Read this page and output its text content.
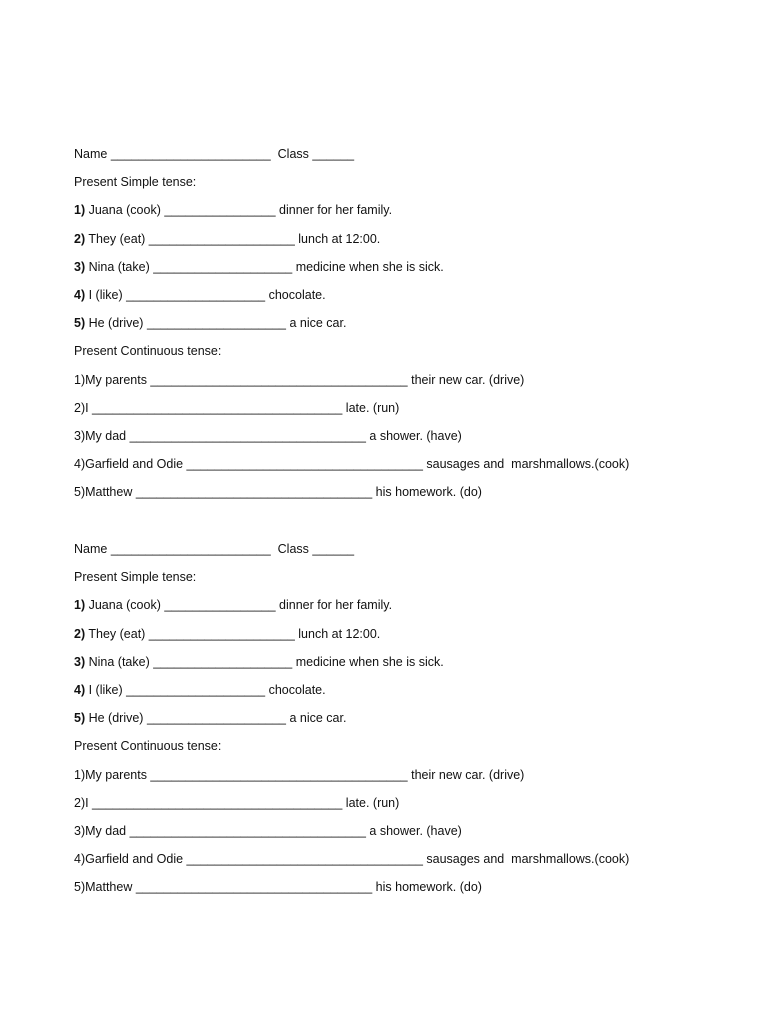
Name _______________________  Class ______
Present Simple tense:
1) Juana (cook) ________________ dinner for her family.
2) They (eat) _____________________ lunch at 12:00.
3) Nina (take) ____________________ medicine when she is sick.
4) I (like) ____________________ chocolate.
5) He (drive) ____________________ a nice car.
Present Continuous tense:
1)My parents _____________________________________ their new car. (drive)
2)I ____________________________________ late. (run)
3)My dad __________________________________ a shower. (have)
4)Garfield and Odie __________________________________ sausages and  marshmallows.(cook)
5)Matthew __________________________________ his homework. (do)
Name _______________________  Class ______
Present Simple tense:
1) Juana (cook) ________________ dinner for her family.
2) They (eat) _____________________ lunch at 12:00.
3) Nina (take) ____________________ medicine when she is sick.
4) I (like) ____________________ chocolate.
5) He (drive) ____________________ a nice car.
Present Continuous tense:
1)My parents _____________________________________ their new car. (drive)
2)I ____________________________________ late. (run)
3)My dad __________________________________ a shower. (have)
4)Garfield and Odie __________________________________ sausages and  marshmallows.(cook)
5)Matthew __________________________________ his homework. (do)
